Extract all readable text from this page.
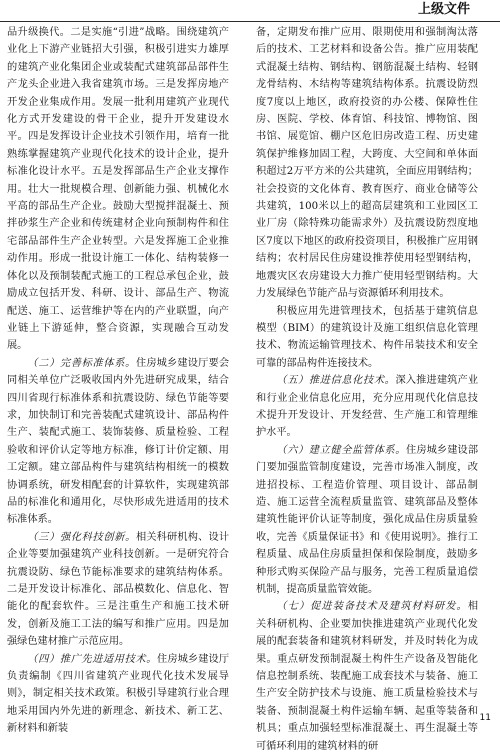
上级文件

品升级换代。二是实施“引进”战略。围绕建筑产业化上下游产业链招大引强，积极引进实力雄厚的建筑产业化集团企业或装配式建筑部品部件生产龙头企业进入我省建筑市场。三是发挥房地产开发企业集成作用。发展一批利用建筑产业现代化方式开发建设的骨干企业，提升开发建设水平。四是发挥设计企业技术引领作用，培育一批熟练掌握建筑产业现代化技术的设计企业，提升标准化设计水平。五是发挥部品生产企业支撑作用。壮大一批规模合理、创新能力强、机械化水平高的部品生产企业。鼓励大型搅拌混凝土、预拌砂浆生产企业和传统建材企业向预制构件和住宅部品部件生产企业转型。六是发挥施工企业推动作用。形成一批设计施工一体化、结构装修一体化以及预制装配式施工的工程总承包企业，鼓励成立包括开发、科研、设计、部品生产、物流配送、施工、运营维护等在内的产业联盟，向产业链上下游延伸，整合资源，实现融合互动发展。

（二）完善标准体系。住房城乡建设厅要会同相关单位广泛吸收国内外先进研究成果，结合四川省现行标准体系和抗震设防、绿色节能等要求，加快制订和完善装配式建筑设计、部品构件生产、装配式施工、装饰装修、质量检验、工程验收和评价认定等地方标准，修订计价定额、用工定额。建立部品构件与建筑结构相统一的模数协调系统，研发相配套的计算软件，实现建筑部品的标准化和通用化，尽快形成先进适用的技术标准体系。

（三）强化科技创新。相关科研机构、设计企业等要加强建筑产业科技创新。一是研究符合抗震设防、绿色节能标准要求的建筑结构体系。二是开发设计标准化、部品模数化、信息化、智能化的配套软件。三是注重生产和施工技术研发，创新及施工工法的编写和推广应用。四是加强绿色建材推广示范应用。

（四）推广先进适用技术。住房城乡建设厅负责编制《四川省建筑产业现代化技术发展导则》，制定相关技术政策。积极引导建筑行业合理地采用国内外先进的新理念、新技术、新工艺、新材料和新装

备，定期发布推广应用、限期使用和强制淘汰落后的技术、工艺材料和设备公告。推广应用装配式混凝土结构、钢结构、钢筋混凝土结构、轻钢龙骨结构、木结构等建筑结构体系。抗震设防烈度7度以上地区，政府投资的办公楼、保障性住房、医院、学校、体育馆、科技馆、博物馆、图书馆、展览馆、棚户区危旧房改造工程、历史建筑保护维修加固工程，大跨度、大空间和单体面积超过2万平方米的公共建筑，全面应用钢结构；社会投资的文化体育、教育医疗、商业仓储等公共建筑，100米以上的超高层建筑和工业园区工业厂房（除特殊功能需求外）及抗震设防烈度地区7度以下地区的政府投资项目，积极推广应用钢结构；农村居民住房建设推荐使用轻型钢结构，地震灾区农房建设大力推广使用轻型钢结构。大力发展绿色节能产品与资源循环利用技术。

积极应用先进管理技术，包括基于建筑信息模型（BIM）的建筑设计及施工组织信息化管理技术、物流运输管理技术、构件吊装技术和安全可靠的部品构件连接技术。

（五）推进信息化技术。深入推进建筑产业和行业企业信息化应用，充分应用现代化信息技术提升开发设计、开发经营、生产施工和管理维护水平。

（六）建立健全监管体系。住房城乡建设部门要加强监管制度建设，完善市场准入制度，改进招投标、工程造价管理、项目设计、部品制造、施工运营全流程质量监管、建筑部品及整体建筑性能评价认证等制度，强化成品住房质量验收，完善《质量保证书》和《使用说明》。推行工程质量、成品住房质量担保和保险制度，鼓励多种形式购买保险产品与服务，完善工程质量追偿机制，提高质量监管效能。

（七）促进装备技术及建筑材料研发。相关科研机构、企业要加快推进建筑产业现代化发展的配套装备和建筑材料研发，并及时转化为成果。重点研发预制混凝土构件生产设备及智能化信息控制系统、装配施工成套技术与装备、施工生产安全防护技术与设施、施工质量检验技术与装备、预制混凝土构件运输车辆、起重等装备和机具；重点加强轻型标准混凝土、再生混凝土等可循环利用的建筑材料的研

11
